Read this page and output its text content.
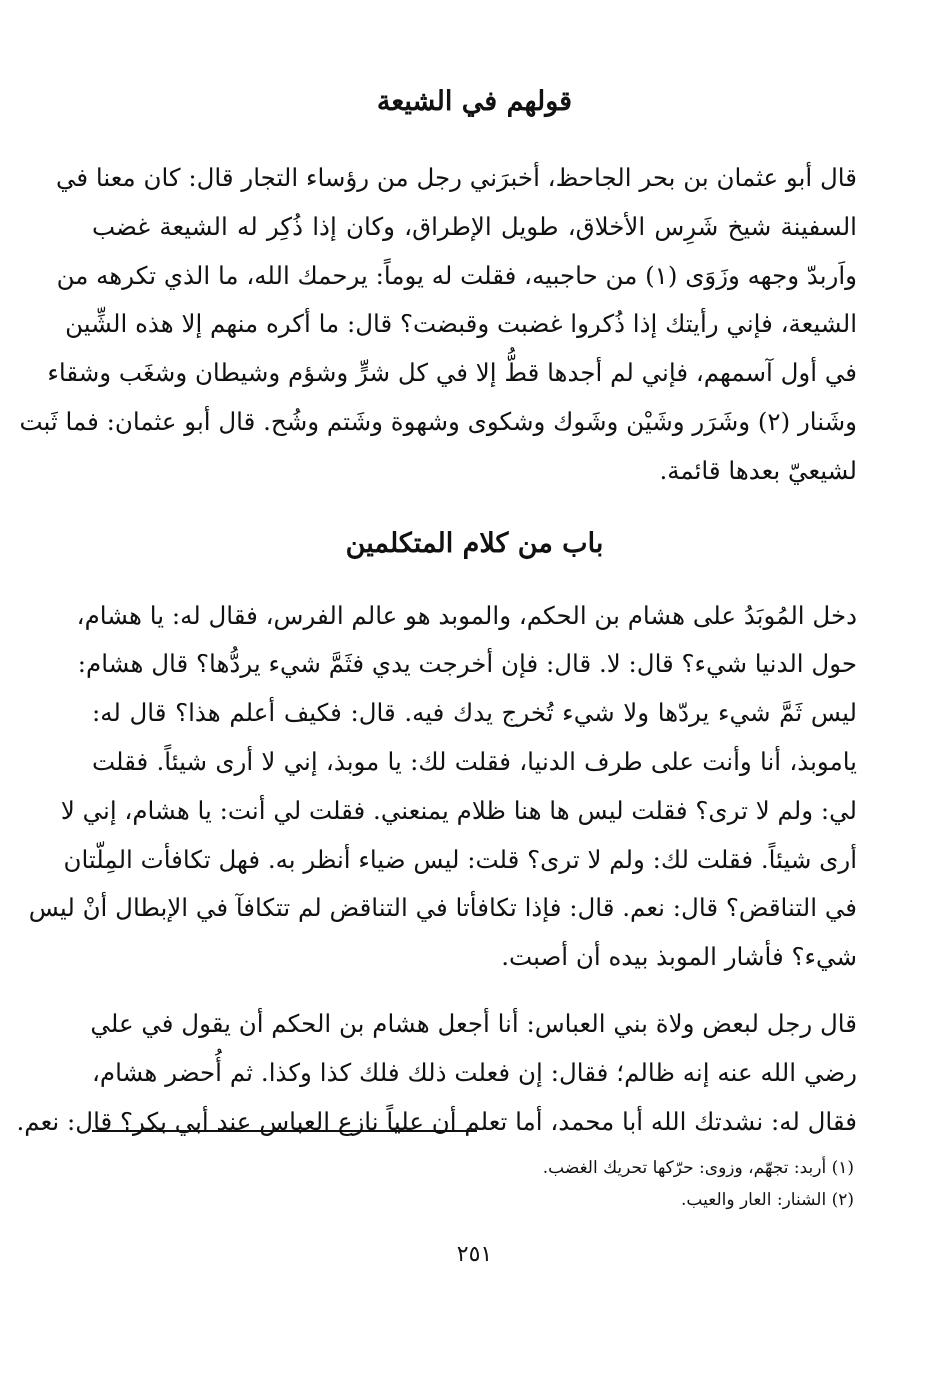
قولهم في الشيعة

قال أبو عثمان بن بحر الجاحظ، أخبرَني رجل من رؤساء التجار قال: كان معنا في
السفينة شيخ شَرِس الأخلاق، طويل الإطراق، وكان إذا ذُكِر له الشيعة غضب
واَربدّ وجهه وزَوَى (١) من حاجبيه، فقلت له يوماً: يرحمك الله، ما الذي تكرهه من
الشيعة، فإني رأيتك إذا ذُكروا غضبت وقبضت؟ قال: ما أكره منهم إلا هذه الشِّين
في أول آسمهم، فإني لم أجدها قطُّ إلا في كل شرٍّ وشؤم وشيطان وشغَب وشقاء
وشَنار (٢) وشَرَر وشَيْن وشَوك وشكوى وشهوة وشَتم وشُح. قال أبو عثمان: فما ثَبت
لشيعيّ بعدها قائمة.

باب من كلام المتكلمين

دخل المُوبَدُ على هشام بن الحكم، والموبد هو عالم الفرس، فقال له: يا هشام،
حول الدنيا شيء؟ قال: لا. قال: فإن أخرجت يدي فثَمَّ شيء يردُّها؟ قال هشام:
ليس ثَمَّ شيء يردّها ولا شيء تُخرج يدك فيه. قال: فكيف أعلم هذا؟ قال له:
ياموبذ، أنا وأنت على طرف الدنيا، فقلت لك: يا موبذ، إني لا أرى شيئاً. فقلت
لي: ولم لا ترى؟ فقلت ليس ها هنا ظلام يمنعني. فقلت لي أنت: يا هشام، إني لا
أرى شيئاً. فقلت لك: ولم لا ترى؟ قلت: ليس ضياء أنظر به. فهل تكافأت المِلّتان
في التناقض؟ قال: نعم. قال: فإذا تكافأتا في التناقض لم تتكافآ في الإبطال أنْ ليس
شيء؟ فأشار الموبذ بيده أن أصبت.

قال رجل لبعض ولاة بني العباس: أنا أجعل هشام بن الحكم أن يقول في علي
رضي الله عنه إنه ظالم؛ فقال: إن فعلت ذلك فلك كذا وكذا. ثم أُحضر هشام،
فقال له: نشدتك الله أبا محمد، أما تعلم أن علياً نازع العباس عند أبي بكر؟ قال: نعم.

(١) أربد: تجهّم، وزوى: حرّكها تحريك الغضب.
(٢) الشنار: العار والعيب.
٢٥١
